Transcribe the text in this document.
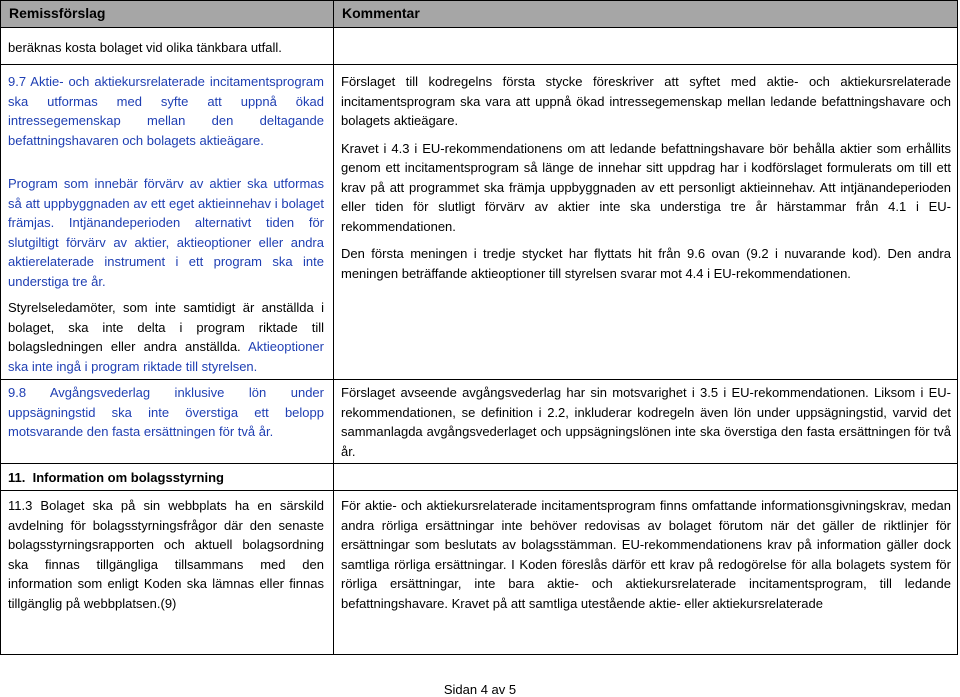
Remissförslag	Kommentar
beräknas kosta bolaget vid olika tänkbara utfall.

9.7 Aktie- och aktiekursrelaterade incitamentsprogram ska utformas med syfte att uppnå ökad intressegemenskap mellan den deltagande befattningshavaren och bolagets aktieägare.

Program som innebär förvärv av aktier ska utformas så att uppbyggnaden av ett eget aktieinnehav i bolaget främjas. Intjänandeperioden alternativt tiden för slutgiltigt förvärv av aktier, aktieoptioner eller andra aktierelaterade instrument i ett program ska inte understiga tre år.

Styrelseledamöter, som inte samtidigt är anställda i bolaget, ska inte delta i program riktade till bolagsledningen eller andra anställda. Aktieoptioner ska inte ingå i program riktade till styrelsen.

Förslaget till kodregelns första stycke föreskriver att syftet med aktie- och aktiekursrelaterade incitamentsprogram ska vara att uppnå ökad intressegemenskap mellan ledande befattningshavare och bolagets aktieägare.

Kravet i 4.3 i EU-rekommendationens om att ledande befattningshavare bör behålla aktier som erhållits genom ett incitamentsprogram så länge de innehar sitt uppdrag har i kodförslaget formulerats om till ett krav på att programmet ska främja uppbyggnaden av ett personligt aktieinnehav. Att intjänandeperioden eller tiden för slutligt förvärv av aktier inte ska understiga tre år härstammar från 4.1 i EU-rekommendationen.

Den första meningen i tredje stycket har flyttats hit från 9.6 ovan (9.2 i nuvarande kod). Den andra meningen beträffande aktieoptioner till styrelsen svarar mot 4.4 i EU-rekommendationen.

9.8 Avgångsvederlag inklusive lön under uppsägningstid ska inte överstiga ett belopp motsvarande den fasta ersättningen för två år.
Förslaget avseende avgångsvederlag har sin motsvarighet i 3.5 i EU-rekommendationen. Liksom i EU-rekommendationen, se definition i 2.2, inkluderar kodregeln även lön under uppsägningstid, varvid det sammanlagda avgångsvederlaget och uppsägningslönen inte ska överstiga den fasta ersättningen för två år.
11.  Information om bolagsstyrning
11.3 Bolaget ska på sin webbplats ha en särskild avdelning för bolagsstyrningsfrågor där den senaste bolagsstyrningsrapporten och aktuell bolagsordning ska finnas tillgängliga tillsammans med den information som enligt Koden ska lämnas eller finnas tillgänglig på webbplatsen.(9)
För aktie- och aktiekursrelaterade incitamentsprogram finns omfattande informationsgivningskrav, medan andra rörliga ersättningar inte behöver redovisas av bolaget förutom när det gäller de riktlinjer för ersättningar som beslutats av bolagsstämman. EU-rekommendationens krav på information gäller dock samtliga rörliga ersättningar. I Koden föreslås därför ett krav på redogörelse för alla bolagets system för rörliga ersättningar, inte bara aktie- och aktiekursrelaterade incitamentsprogram, till ledande befattningshavare. Kravet på att samtliga utestående aktie- eller aktiekursrelaterade
Sidan 4 av 5
